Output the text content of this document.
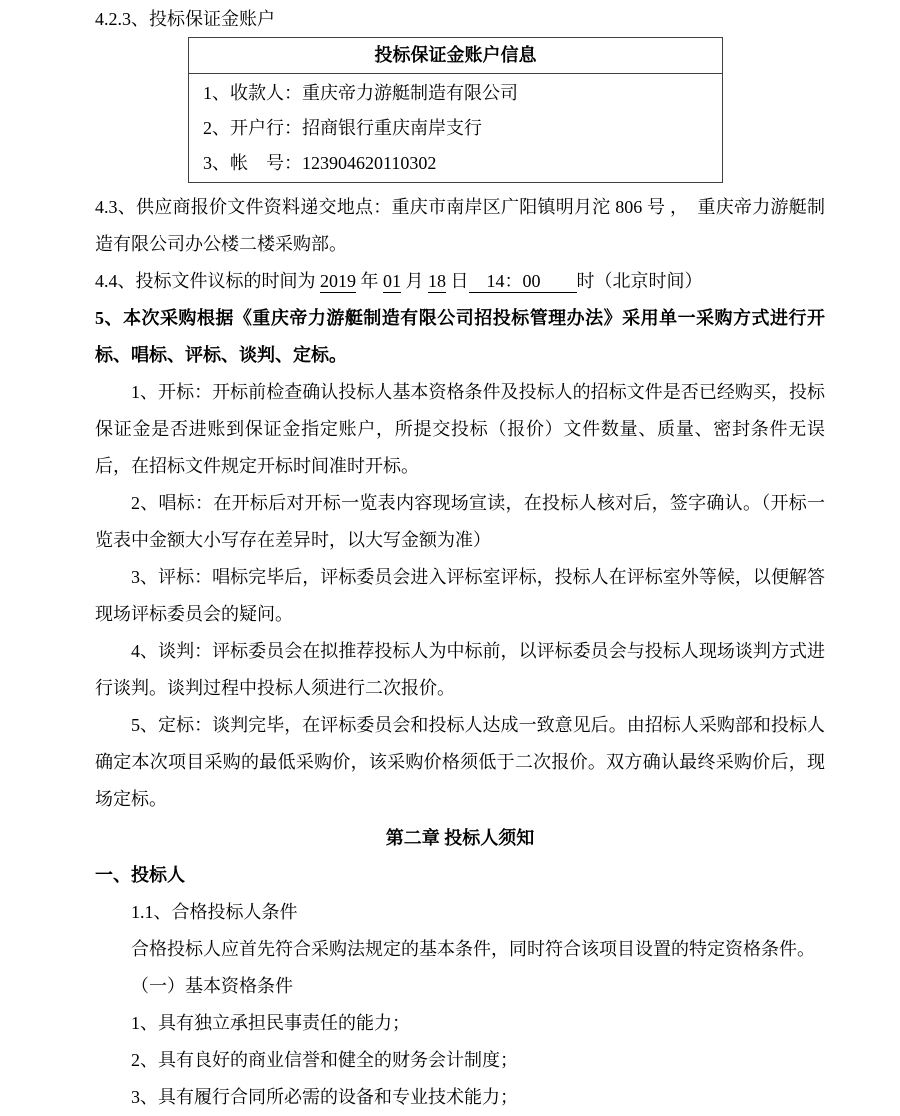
4.2.3、投标保证金账户
投标保证金账户信息
1、收款人：重庆帝力游艇制造有限公司
2、开户行：招商银行重庆南岸支行
3、帐　号：123904620110302

4.3、供应商报价文件资料递交地点：重庆市南岸区广阳镇明月沱 806 号 ，　重庆帝力游艇制造有限公司办公楼二楼采购部。

4.4、投标文件议标的时间为 2019 年 01 月 18 日　14：00　　时（北京时间）

5、本次采购根据《重庆帝力游艇制造有限公司招投标管理办法》采用单一采购方式进行开标、唱标、评标、谈判、定标。

1、开标：开标前检查确认投标人基本资格条件及投标人的招标文件是否已经购买，投标保证金是否进账到保证金指定账户，所提交投标（报价）文件数量、质量、密封条件无误后，在招标文件规定开标时间准时开标。

2、唱标：在开标后对开标一览表内容现场宣读，在投标人核对后，签字确认。（开标一览表中金额大小写存在差异时，以大写金额为准）

3、评标：唱标完毕后，评标委员会进入评标室评标，投标人在评标室外等候，以便解答现场评标委员会的疑问。

4、谈判：评标委员会在拟推荐投标人为中标前，以评标委员会与投标人现场谈判方式进行谈判。谈判过程中投标人须进行二次报价。

5、定标：谈判完毕，在评标委员会和投标人达成一致意见后。由招标人采购部和投标人确定本次项目采购的最低采购价，该采购价格须低于二次报价。双方确认最终采购价后，现场定标。

第二章 投标人须知

一、投标人

1.1、合格投标人条件

合格投标人应首先符合采购法规定的基本条件，同时符合该项目设置的特定资格条件。

（一）基本资格条件

1、具有独立承担民事责任的能力；

2、具有良好的商业信誉和健全的财务会计制度；

3、具有履行合同所必需的设备和专业技术能力；
